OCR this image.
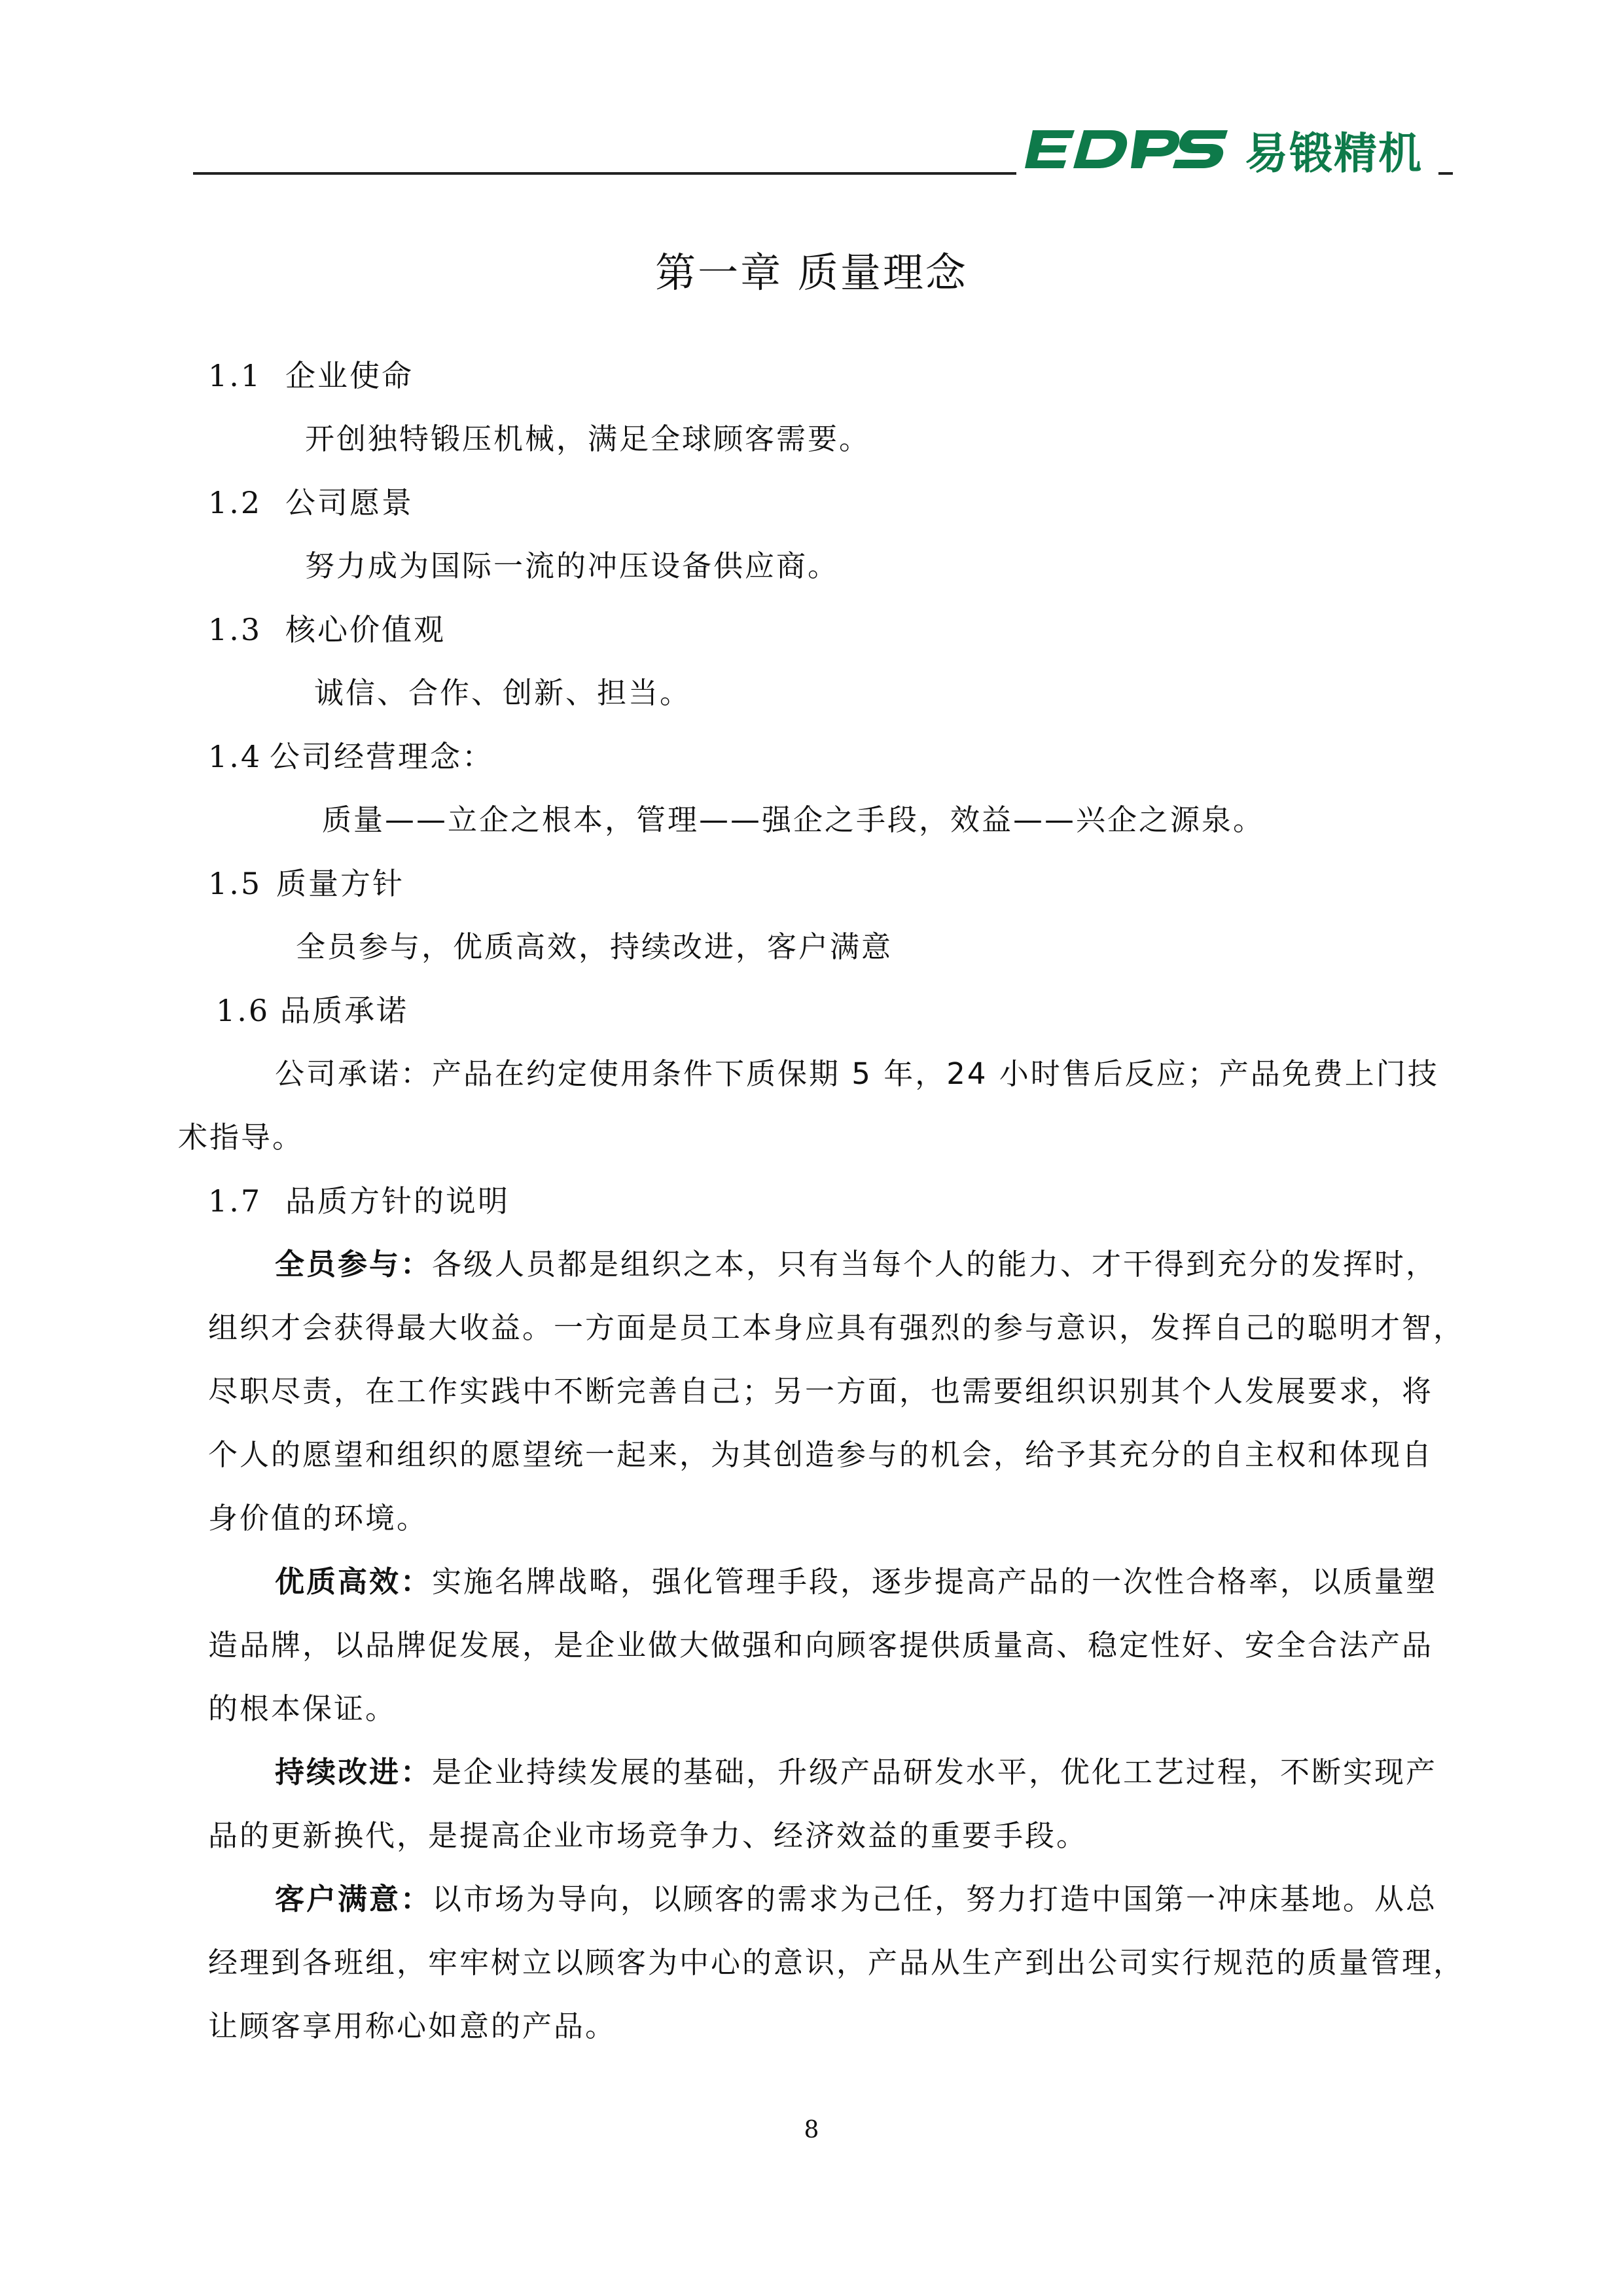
易锻精机
第一章 质量理念
1.1 企业使命
开创独特锻压机械，满足全球顾客需要。
1.2 公司愿景
努力成为国际一流的冲压设备供应商。
1.3 核心价值观
诚信、合作、创新、担当。
1.4 公司经营理念：
质量——立企之根本，管理——强企之手段，效益——兴企之源泉。
1.5 质量方针
全员参与，优质高效，持续改进，客户满意
1.6 品质承诺
公司承诺：产品在约定使用条件下质保期 5 年，24 小时售后反应；产品免费上门技
术指导。
1.7 品质方针的说明
全员参与：各级人员都是组织之本，只有当每个人的能力、才干得到充分的发挥时，
组织才会获得最大收益。一方面是员工本身应具有强烈的参与意识，发挥自己的聪明才智，
尽职尽责，在工作实践中不断完善自己；另一方面，也需要组织识别其个人发展要求，将
个人的愿望和组织的愿望统一起来，为其创造参与的机会，给予其充分的自主权和体现自
身价值的环境。
优质高效：实施名牌战略，强化管理手段，逐步提高产品的一次性合格率，以质量塑
造品牌，以品牌促发展，是企业做大做强和向顾客提供质量高、稳定性好、安全合法产品
的根本保证。
持续改进：是企业持续发展的基础，升级产品研发水平，优化工艺过程，不断实现产
品的更新换代，是提高企业市场竞争力、经济效益的重要手段。
客户满意：以市场为导向，以顾客的需求为己任，努力打造中国第一冲床基地。从总
经理到各班组，牢牢树立以顾客为中心的意识，产品从生产到出公司实行规范的质量管理，
让顾客享用称心如意的产品。
8
